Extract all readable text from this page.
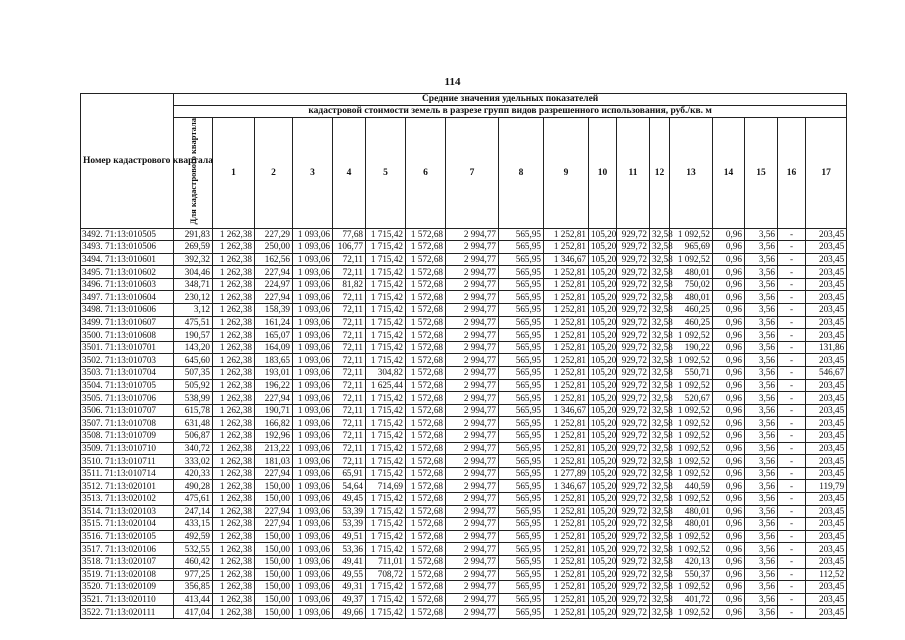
114
Номер кадастрового квартала	Средние значения удельных показателей																	
	кадастровой стоимости земель в разрезе групп видов разрешенного использования, руб./кв. м																	
	Для кадастрового квартала	1	2	3	4	5	6	7	8	9	10	11	12	13	14	15	16	17
3492. 71:13:010505	291,83	1 262,38	227,29	1 093,06	77,68	1 715,42	1 572,68	2 994,77	565,95	1 252,81	105,20	929,72	32,58	1 092,52	0,96	3,56	-	203,45
3493. 71:13:010506	269,59	1 262,38	250,00	1 093,06	106,77	1 715,42	1 572,68	2 994,77	565,95	1 252,81	105,20	929,72	32,58	965,69	0,96	3,56	-	203,45
3494. 71:13:010601	392,32	1 262,38	162,56	1 093,06	72,11	1 715,42	1 572,68	2 994,77	565,95	1 346,67	105,20	929,72	32,58	1 092,52	0,96	3,56	-	203,45
3495. 71:13:010602	304,46	1 262,38	227,94	1 093,06	72,11	1 715,42	1 572,68	2 994,77	565,95	1 252,81	105,20	929,72	32,58	480,01	0,96	3,56	-	203,45
3496. 71:13:010603	348,71	1 262,38	224,97	1 093,06	81,82	1 715,42	1 572,68	2 994,77	565,95	1 252,81	105,20	929,72	32,58	750,02	0,96	3,56	-	203,45
3497. 71:13:010604	230,12	1 262,38	227,94	1 093,06	72,11	1 715,42	1 572,68	2 994,77	565,95	1 252,81	105,20	929,72	32,58	480,01	0,96	3,56	-	203,45
3498. 71:13:010606	3,12	1 262,38	158,39	1 093,06	72,11	1 715,42	1 572,68	2 994,77	565,95	1 252,81	105,20	929,72	32,58	460,25	0,96	3,56	-	203,45
3499. 71:13:010607	475,51	1 262,38	161,24	1 093,06	72,11	1 715,42	1 572,68	2 994,77	565,95	1 252,81	105,20	929,72	32,58	460,25	0,96	3,56	-	203,45
3500. 71:13:010608	190,57	1 262,38	165,07	1 093,06	72,11	1 715,42	1 572,68	2 994,77	565,95	1 252,81	105,20	929,72	32,58	1 092,52	0,96	3,56	-	203,45
3501. 71:13:010701	143,20	1 262,38	164,09	1 093,06	72,11	1 715,42	1 572,68	2 994,77	565,95	1 252,81	105,20	929,72	32,58	190,22	0,96	3,56	-	131,86
3502. 71:13:010703	645,60	1 262,38	183,65	1 093,06	72,11	1 715,42	1 572,68	2 994,77	565,95	1 252,81	105,20	929,72	32,58	1 092,52	0,96	3,56	-	203,45
3503. 71:13:010704	507,35	1 262,38	193,01	1 093,06	72,11	304,82	1 572,68	2 994,77	565,95	1 252,81	105,20	929,72	32,58	550,71	0,96	3,56	-	546,67
3504. 71:13:010705	505,92	1 262,38	196,22	1 093,06	72,11	1 625,44	1 572,68	2 994,77	565,95	1 252,81	105,20	929,72	32,58	1 092,52	0,96	3,56	-	203,45
3505. 71:13:010706	538,99	1 262,38	227,94	1 093,06	72,11	1 715,42	1 572,68	2 994,77	565,95	1 252,81	105,20	929,72	32,58	520,67	0,96	3,56	-	203,45
3506. 71:13:010707	615,78	1 262,38	190,71	1 093,06	72,11	1 715,42	1 572,68	2 994,77	565,95	1 346,67	105,20	929,72	32,58	1 092,52	0,96	3,56	-	203,45
3507. 71:13:010708	631,48	1 262,38	166,82	1 093,06	72,11	1 715,42	1 572,68	2 994,77	565,95	1 252,81	105,20	929,72	32,58	1 092,52	0,96	3,56	-	203,45
3508. 71:13:010709	506,87	1 262,38	192,96	1 093,06	72,11	1 715,42	1 572,68	2 994,77	565,95	1 252,81	105,20	929,72	32,58	1 092,52	0,96	3,56	-	203,45
3509. 71:13:010710	340,72	1 262,38	213,22	1 093,06	72,11	1 715,42	1 572,68	2 994,77	565,95	1 252,81	105,20	929,72	32,58	1 092,52	0,96	3,56	-	203,45
3510. 71:13:010711	333,02	1 262,38	181,03	1 093,06	72,11	1 715,42	1 572,68	2 994,77	565,95	1 252,81	105,20	929,72	32,58	1 092,52	0,96	3,56	-	203,45
3511. 71:13:010714	420,33	1 262,38	227,94	1 093,06	65,91	1 715,42	1 572,68	2 994,77	565,95	1 277,89	105,20	929,72	32,58	1 092,52	0,96	3,56	-	203,45
3512. 71:13:020101	490,28	1 262,38	150,00	1 093,06	54,64	714,69	1 572,68	2 994,77	565,95	1 346,67	105,20	929,72	32,58	440,59	0,96	3,56	-	119,79
3513. 71:13:020102	475,61	1 262,38	150,00	1 093,06	49,45	1 715,42	1 572,68	2 994,77	565,95	1 252,81	105,20	929,72	32,58	1 092,52	0,96	3,56	-	203,45
3514. 71:13:020103	247,14	1 262,38	227,94	1 093,06	53,39	1 715,42	1 572,68	2 994,77	565,95	1 252,81	105,20	929,72	32,58	480,01	0,96	3,56	-	203,45
3515. 71:13:020104	433,15	1 262,38	227,94	1 093,06	53,39	1 715,42	1 572,68	2 994,77	565,95	1 252,81	105,20	929,72	32,58	480,01	0,96	3,56	-	203,45
3516. 71:13:020105	492,59	1 262,38	150,00	1 093,06	49,51	1 715,42	1 572,68	2 994,77	565,95	1 252,81	105,20	929,72	32,58	1 092,52	0,96	3,56	-	203,45
3517. 71:13:020106	532,55	1 262,38	150,00	1 093,06	53,36	1 715,42	1 572,68	2 994,77	565,95	1 252,81	105,20	929,72	32,58	1 092,52	0,96	3,56	-	203,45
3518. 71:13:020107	460,42	1 262,38	150,00	1 093,06	49,41	711,01	1 572,68	2 994,77	565,95	1 252,81	105,20	929,72	32,58	420,13	0,96	3,56	-	203,45
3519. 71:13:020108	977,25	1 262,38	150,00	1 093,06	49,55	708,72	1 572,68	2 994,77	565,95	1 252,81	105,20	929,72	32,58	550,37	0,96	3,56	-	112,52
3520. 71:13:020109	356,85	1 262,38	150,00	1 093,06	49,31	1 715,42	1 572,68	2 994,77	565,95	1 252,81	105,20	929,72	32,58	1 092,52	0,96	3,56	-	203,45
3521. 71:13:020110	413,44	1 262,38	150,00	1 093,06	49,37	1 715,42	1 572,68	2 994,77	565,95	1 252,81	105,20	929,72	32,58	401,72	0,96	3,56	-	203,45
3522. 71:13:020111	417,04	1 262,38	150,00	1 093,06	49,66	1 715,42	1 572,68	2 994,77	565,95	1 252,81	105,20	929,72	32,58	1 092,52	0,96	3,56	-	203,45
